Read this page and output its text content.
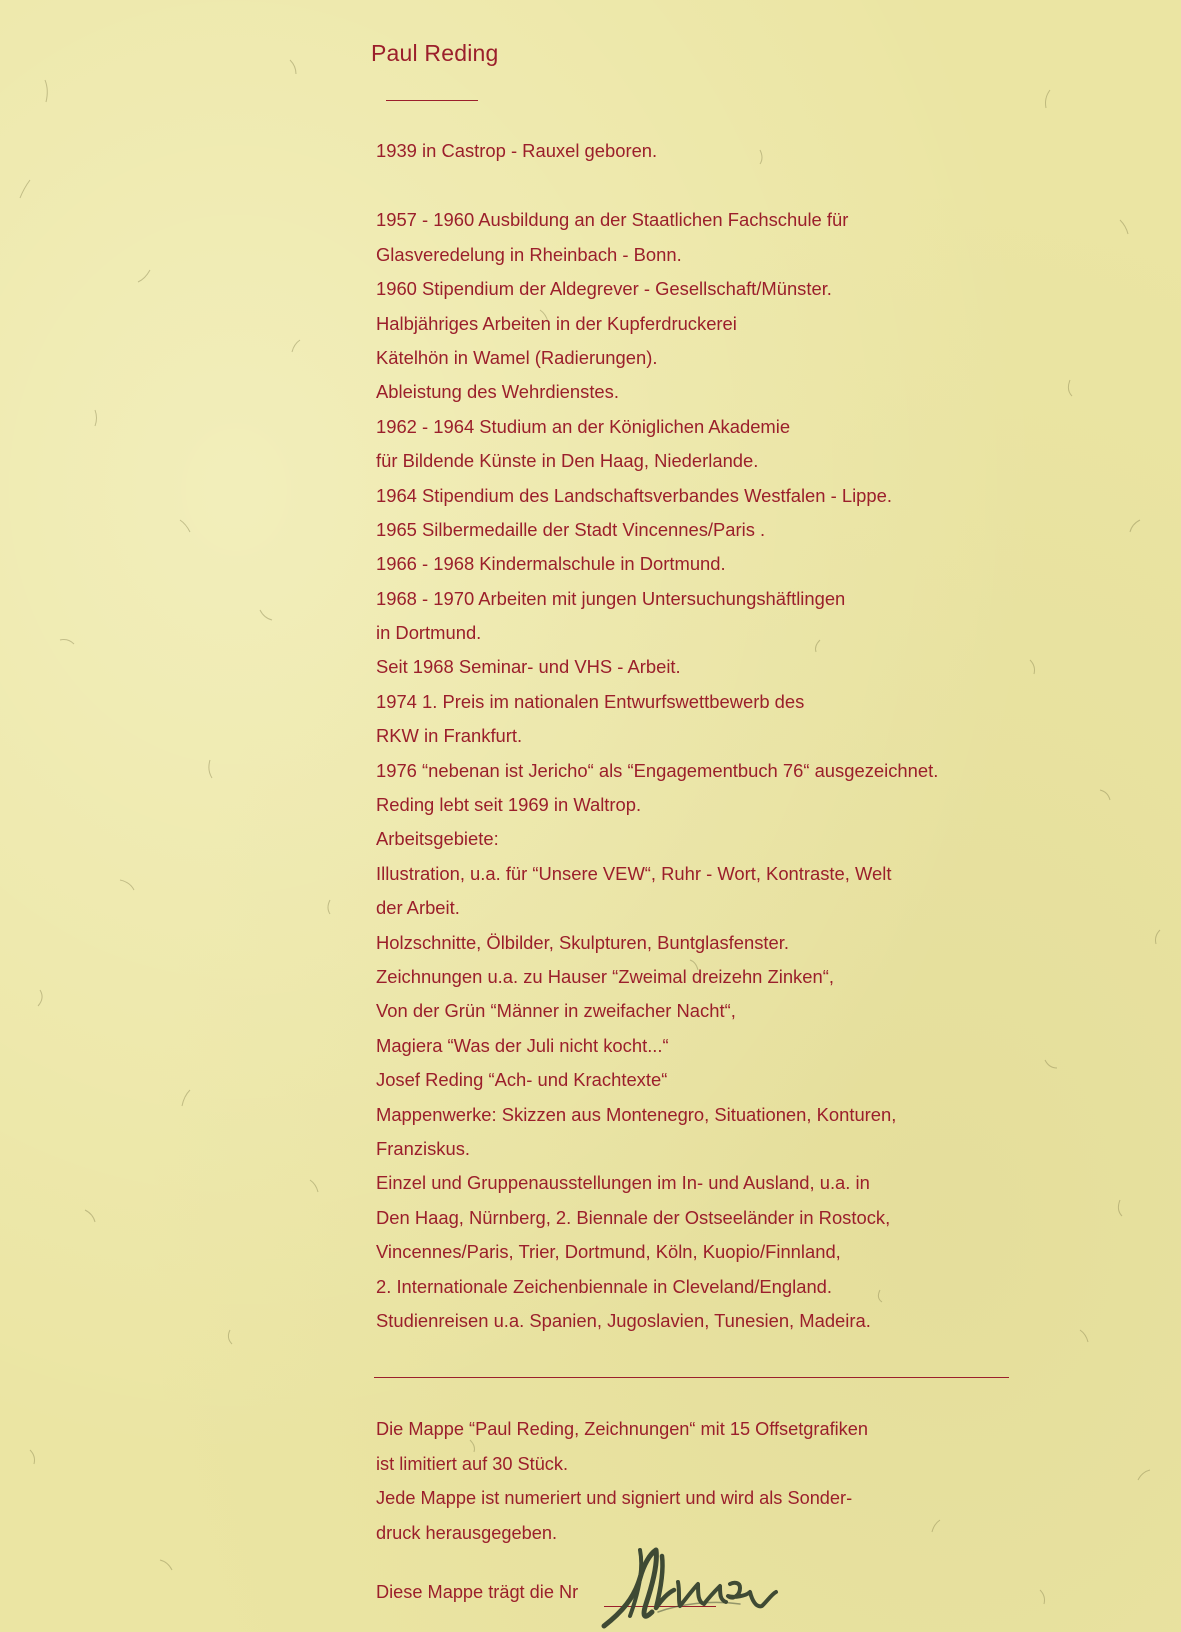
Paul Reding
1939 in Castrop - Rauxel geboren.
1957 - 1960 Ausbildung an der Staatlichen Fachschule für
Glasveredelung in Rheinbach - Bonn.
1960 Stipendium der Aldegrever - Gesellschaft/Münster.
Halbjähriges Arbeiten in der Kupferdruckerei
Kätelhön in Wamel (Radierungen).
Ableistung des Wehrdienstes.
1962 - 1964 Studium an der Königlichen Akademie
für Bildende Künste in Den Haag, Niederlande.
1964 Stipendium des Landschaftsverbandes Westfalen - Lippe.
1965 Silbermedaille der Stadt Vincennes/Paris .
1966 - 1968 Kindermalschule in Dortmund.
1968 - 1970 Arbeiten mit jungen Untersuchungshäftlingen
in Dortmund.
Seit 1968 Seminar- und VHS - Arbeit.
1974 1. Preis im nationalen Entwurfswettbewerb des
RKW in Frankfurt.
1976 “nebenan ist Jericho“ als “Engagementbuch 76“ ausgezeichnet.
Reding lebt seit 1969 in Waltrop.
Arbeitsgebiete:
Illustration, u.a. für “Unsere VEW“, Ruhr - Wort, Kontraste, Welt
der Arbeit.
Holzschnitte, Ölbilder, Skulpturen, Buntglasfenster.
Zeichnungen u.a. zu Hauser “Zweimal dreizehn Zinken“,
Von der Grün “Männer in zweifacher Nacht“,
Magiera “Was der Juli nicht kocht...“
Josef Reding “Ach- und Krachtexte“
Mappenwerke: Skizzen aus Montenegro, Situationen, Konturen,
Franziskus.
Einzel und Gruppenausstellungen im In- und Ausland, u.a. in
Den Haag, Nürnberg, 2. Biennale der Ostseeländer in Rostock,
Vincennes/Paris, Trier, Dortmund, Köln, Kuopio/Finnland,
2. Internationale Zeichenbiennale in Cleveland/England.
Studienreisen u.a. Spanien, Jugoslavien, Tunesien, Madeira.
Die Mappe “Paul Reding, Zeichnungen“ mit 15 Offsetgrafiken
ist limitiert auf 30 Stück.
Jede Mappe ist numeriert und signiert und wird als Sonder-
druck herausgegeben.
Diese Mappe trägt die Nr
